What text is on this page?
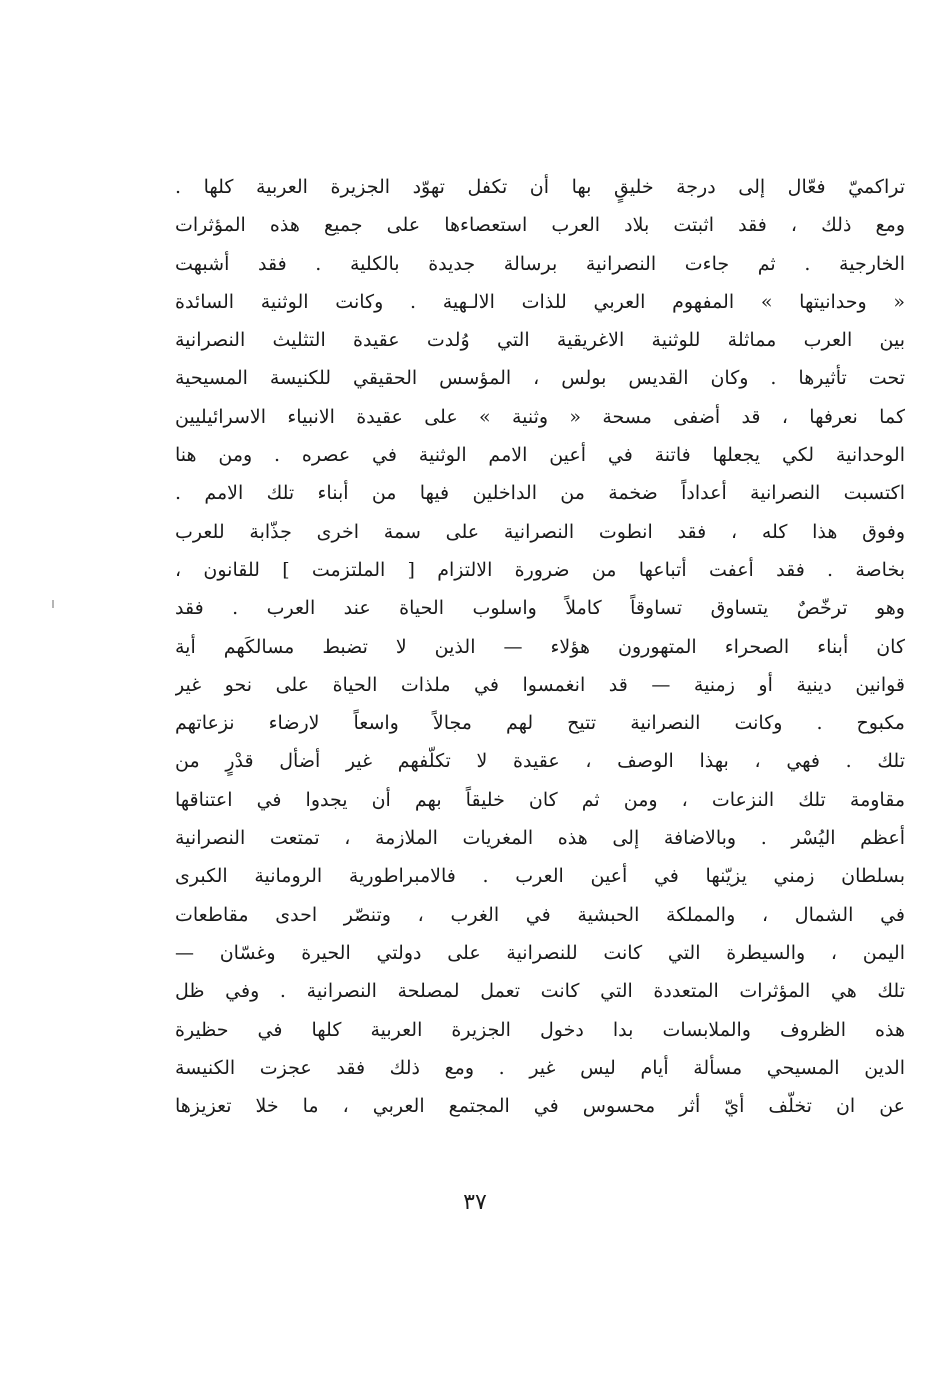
تراكميّ فعّال إلى درجة خليقٍ بها أن تكفل تهوّد الجزيرة العربية كلها .
ومع ذلك ، فقد اثبتت بلاد العرب استعصاءها على جميع هذه المؤثرات
الخارجية . ثم جاءت النصرانية برسالة جديدة بالكلية . فقد أشبهت
« وحدانيتها » المفهوم العربي للذات الالـهية . وكانت الوثنية السائدة
بين العرب مماثلة للوثنية الاغريقية التي وُلدت عقيدة التثليث النصرانية
تحت تأثيرها . وكان القديس بولس ، المؤسس الحقيقي للكنيسة المسيحية
كما نعرفها ، قد أضفى مسحة « وثنية » على عقيدة الانبياء الاسرائيليين
الوحدانية لكي يجعلها فاتنة في أعين الامم الوثنية في عصره . ومن هنا
اكتسبت النصرانية أعداداً ضخمة من الداخلين فيها من أبناء تلك الامم .
وفوق هذا كله ، فقد انطوت النصرانية على سمة اخرى جذّابة للعرب
بخاصة . فقد أعفت أتباعها من ضرورة الالتزام [ الملتزمت ] للقانون ،
وهو ترخّصٌ يتساوق تساوقاً كاملاً واسلوب الحياة عند العرب . فقد
كان أبناء الصحراء المتهورون هؤلاء — الذين لا تضبط مسالكَهم أية
قوانين دينية أو زمنية — قد انغمسوا في ملذات الحياة على نحو غير
مكبوح . وكانت النصرانية تتيح لهم مجالاً واسعاً لارضاء نزعاتهم
تلك . فهي ، بهذا الوصف ، عقيدة لا تكلّفهم غير أضأل قدْرٍ من
مقاومة تلك النزعات ، ومن ثم كان خليقاً بهم أن يجدوا في اعتناقها
أعظم اليُسْر . وبالاضافة إلى هذه المغريات الملازمة ، تمتعت النصرانية
بسلطان زمني يزيّنها في أعين العرب . فالامبراطورية الرومانية الكبرى
في الشمال ، والمملكة الحبشية في الغرب ، وتنصّر احدى مقاطعات
اليمن ، والسيطرة التي كانت للنصرانية على دولتي الحيرة وغسّان —
تلك هي المؤثرات المتعددة التي كانت تعمل لمصلحة النصرانية . وفي ظل
هذه الظروف والملابسات بدا دخول الجزيرة العربية كلها في حظيرة
الدين المسيحي مسألة أيام ليس غير . ومع ذلك فقد عجزت الكنيسة
عن ان تخلّف أيّ أثر محسوس في المجتمع العربي ، ما خلا تعزيزها
٣٧
